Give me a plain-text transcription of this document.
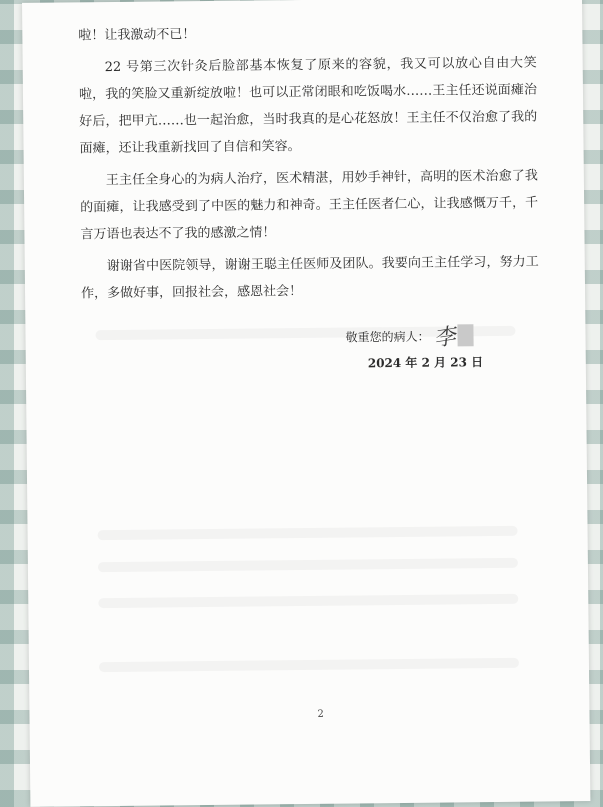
啦！让我激动不已！

22 号第三次针灸后脸部基本恢复了原来的容貌，我又可以放心自由大笑啦，我的笑脸又重新绽放啦！也可以正常闭眼和吃饭喝水……王主任还说面瘫治好后，把甲亢……也一起治愈，当时我真的是心花怒放！王主任不仅治愈了我的面瘫，还让我重新找回了自信和笑容。

王主任全身心的为病人治疗，医术精湛，用妙手神针，高明的医术治愈了我的面瘫，让我感受到了中医的魅力和神奇。王主任医者仁心，让我感慨万千，千言万语也表达不了我的感激之情！

谢谢省中医院领导，谢谢王聪主任医师及团队。我要向王主任学习，努力工作，多做好事，回报社会，感恩社会！

敬重您的病人： 李
2024 年 2 月 23 日
2
